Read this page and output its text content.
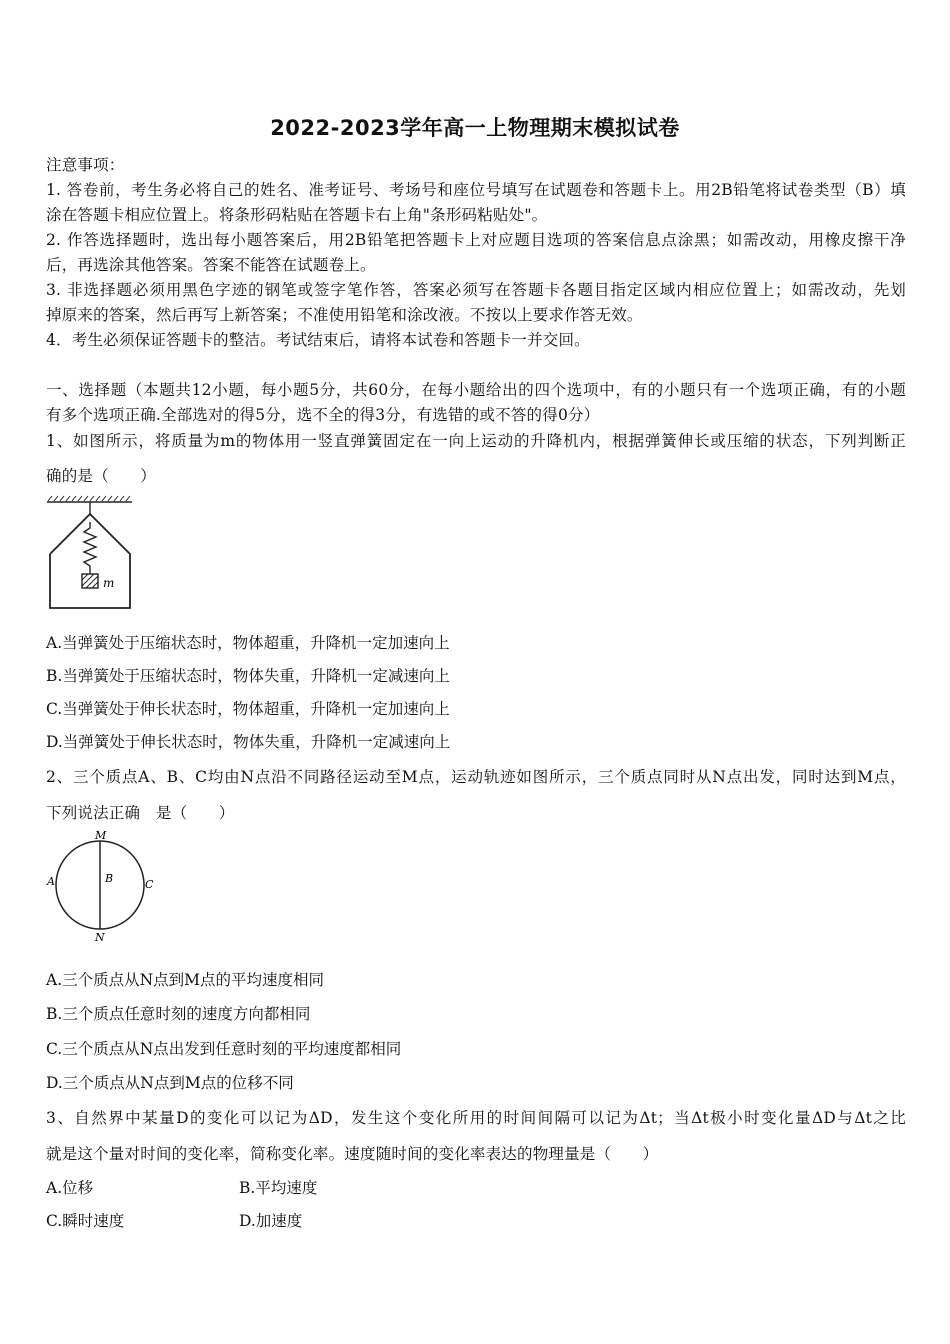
2022-2023学年高一上物理期末模拟试卷
注意事项：
1. 答卷前，考生务必将自己的姓名、准考证号、考场号和座位号填写在试题卷和答题卡上。用2B铅笔将试卷类型（B）填
涂在答题卡相应位置上。将条形码粘贴在答题卡右上角"条形码粘贴处"。
2. 作答选择题时，选出每小题答案后，用2B铅笔把答题卡上对应题目选项的答案信息点涂黑；如需改动，用橡皮擦干净
后，再选涂其他答案。答案不能答在试题卷上。
3. 非选择题必须用黑色字迹的钢笔或签字笔作答，答案必须写在答题卡各题目指定区域内相应位置上；如需改动，先划
掉原来的答案，然后再写上新答案；不准使用铅笔和涂改液。不按以上要求作答无效。
4．考生必须保证答题卡的整洁。考试结束后，请将本试卷和答题卡一并交回。
一、选择题（本题共12小题，每小题5分，共60分，在每小题给出的四个选项中，有的小题只有一个选项正确，有的小题
有多个选项正确.全部选对的得5分，选不全的得3分，有选错的或不答的得0分）
1、如图所示，将质量为m的物体用一竖直弹簧固定在一向上运动的升降机内，根据弹簧伸长或压缩的状态，下列判断正
确的是（　　）
m
A.当弹簧处于压缩状态时，物体超重，升降机一定加速向上
B.当弹簧处于压缩状态时，物体失重，升降机一定减速向上
C.当弹簧处于伸长状态时，物体超重，升降机一定加速向上
D.当弹簧处于伸长状态时，物体失重，升降机一定减速向上
2、三个质点A、B、C均由N点沿不同路径运动至M点，运动轨迹如图所示，三个质点同时从N点出发，同时达到M点，
下列说法正确　是（　　）
M
N
A	B	C
A.三个质点从N点到M点的平均速度相同
B.三个质点任意时刻的速度方向都相同
C.三个质点从N点出发到任意时刻的平均速度都相同
D.三个质点从N点到M点的位移不同
3、自然界中某量D的变化可以记为ΔD，发生这个变化所用的时间间隔可以记为Δt；当Δt极小时变化量ΔD与Δt之比
就是这个量对时间的变化率，简称变化率。速度随时间的变化率表达的物理量是（　　）
A.位移	B.平均速度
C.瞬时速度	D.加速度
